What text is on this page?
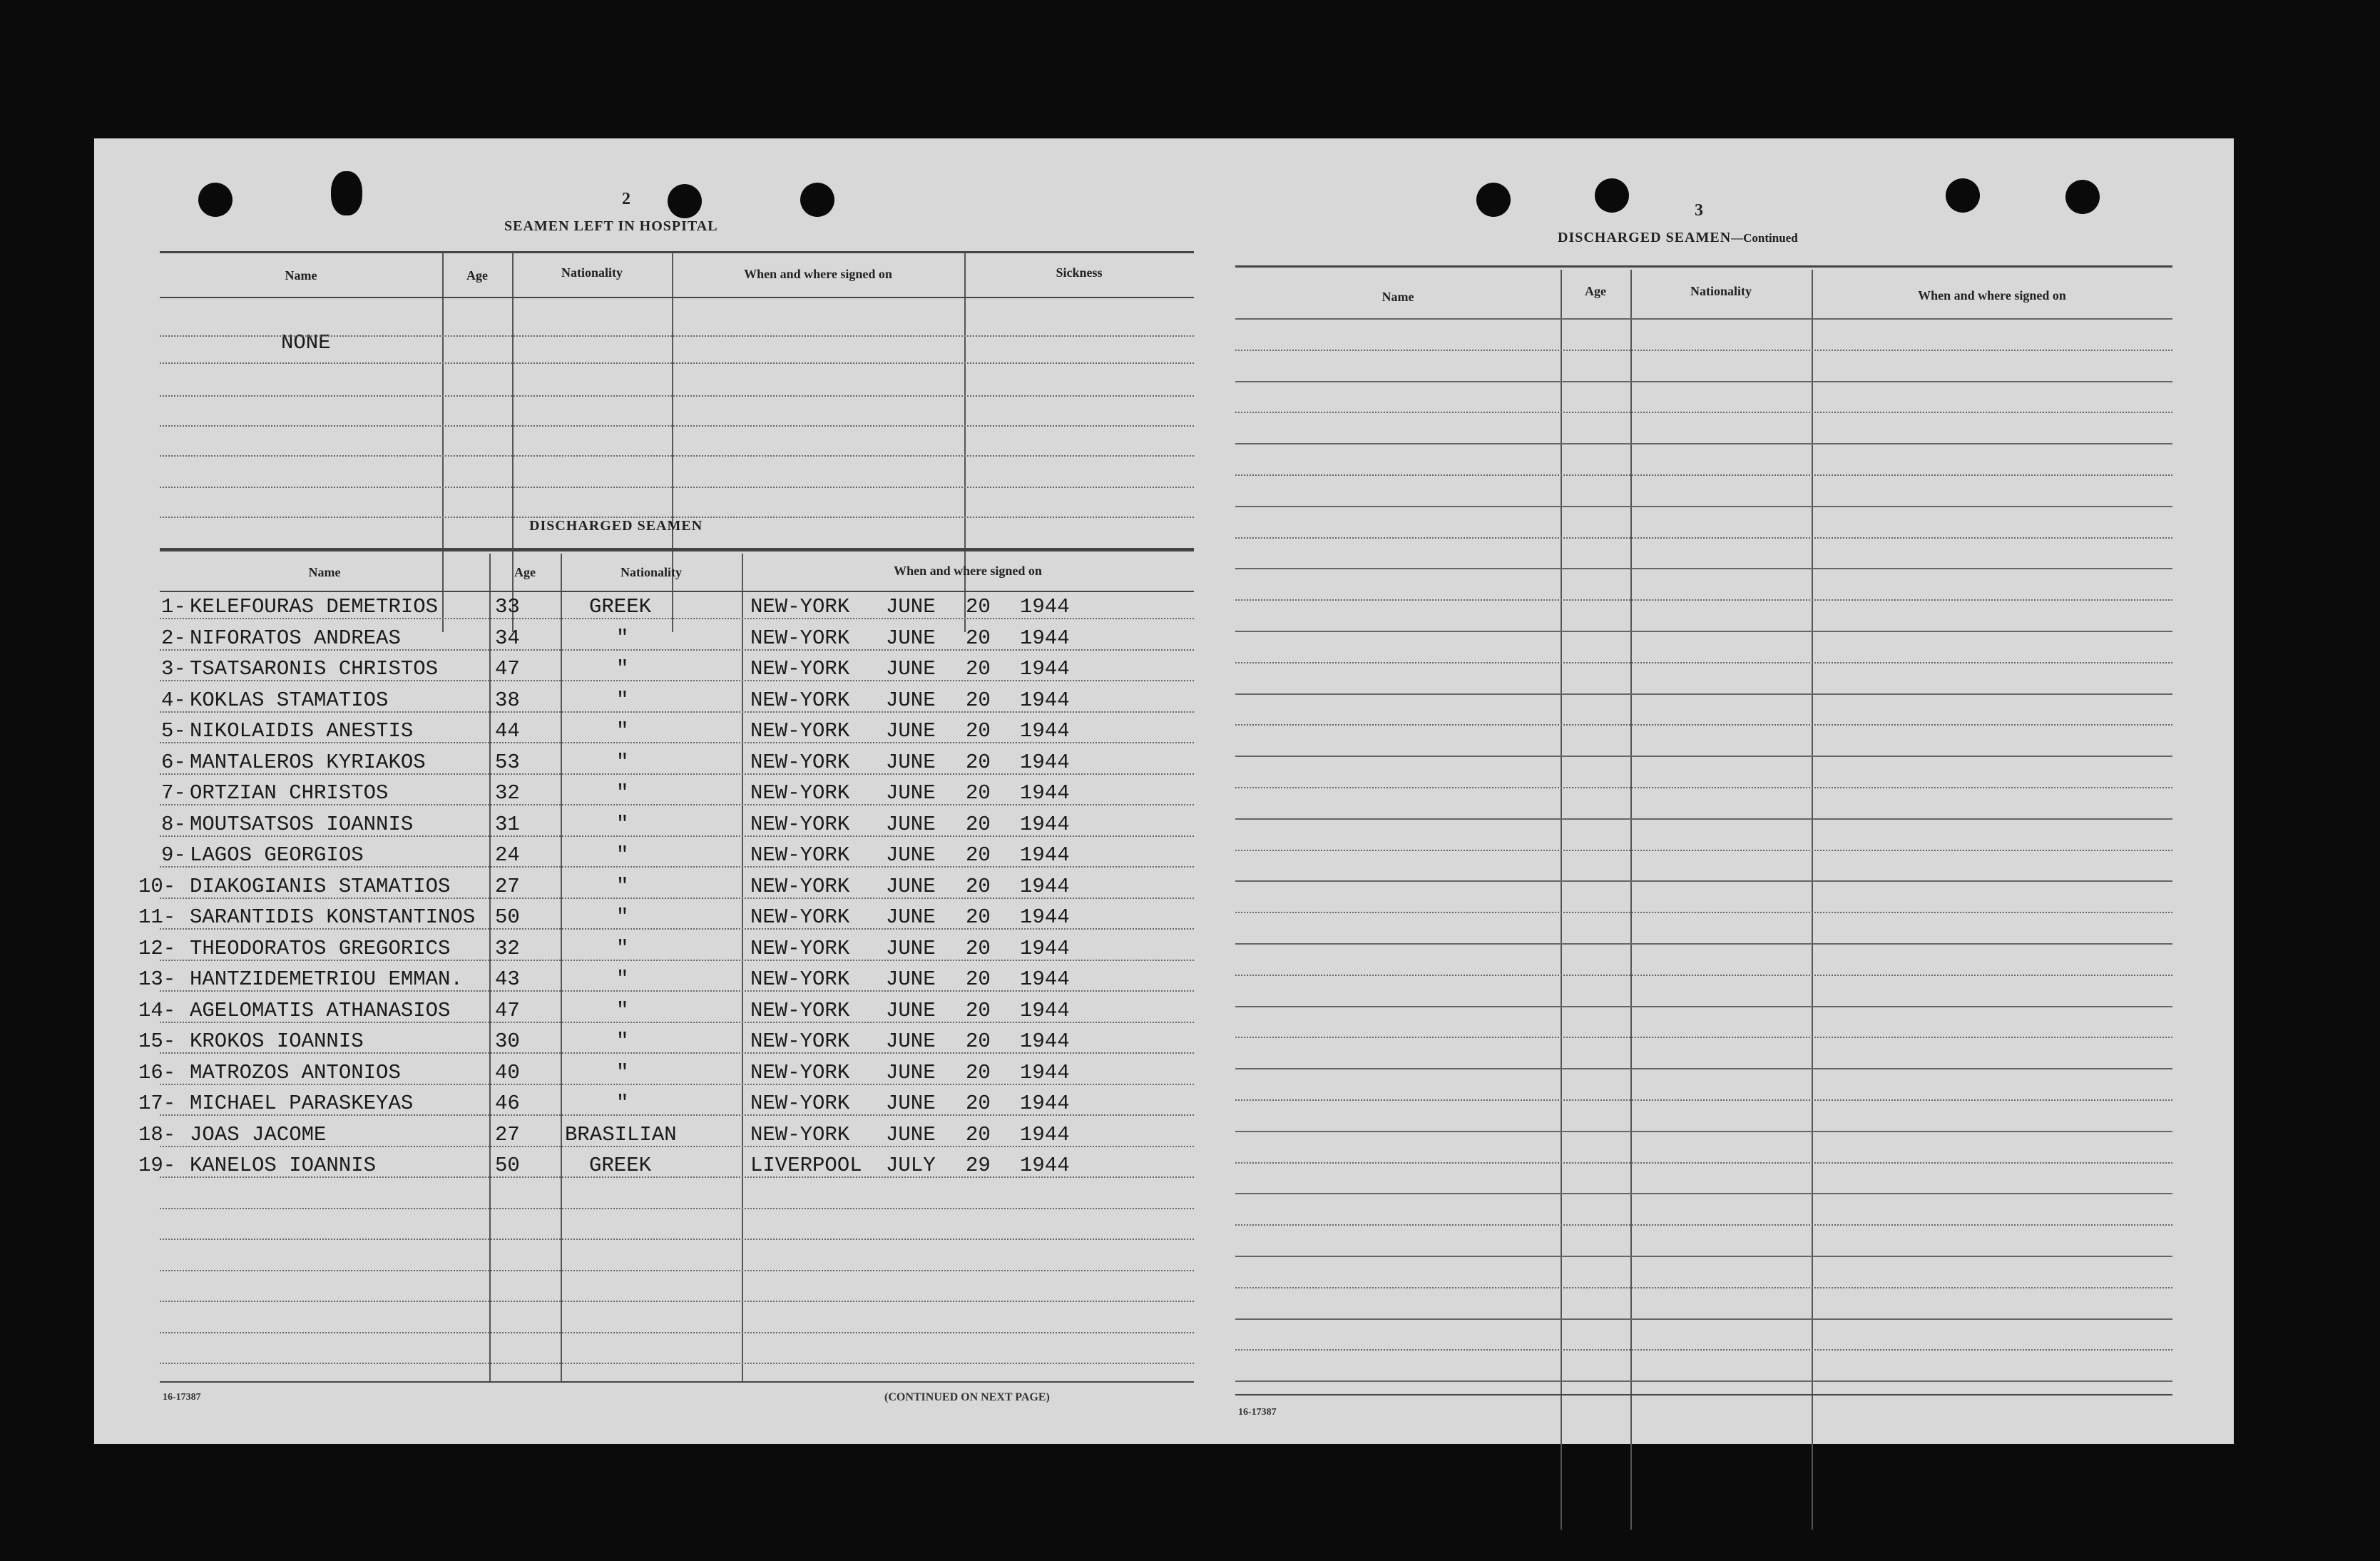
2
SEAMEN LEFT IN HOSPITAL
Name	Age	Nationality	When and where signed on	Sickness
NONE
DISCHARGED SEAMEN
Name	Age	Nationality	When and where signed on
1- KELEFOURAS DEMETRIOS	33	GREEK	NEW-YORK JUNE 20 1944
2- NIFORATOS ANDREAS	34	"	NEW-YORK JUNE 20 1944
3- TSATSARONIS CHRISTOS	47	"	NEW-YORK JUNE 20 1944
4- KOKLAS STAMATIOS	38	"	NEW-YORK JUNE 20 1944
5- NIKOLAIDIS ANESTIS	44	"	NEW-YORK JUNE 20 1944
6- MANTALEROS KYRIAKOS	53	"	NEW-YORK JUNE 20 1944
7- ORTZIAN CHRISTOS	32	"	NEW-YORK JUNE 20 1944
8- MOUTSATSOS IOANNIS	31	"	NEW-YORK JUNE 20 1944
9- LAGOS GEORGIOS	24	"	NEW-YORK JUNE 20 1944
10- DIAKOGIANIS STAMATIOS 27	"	NEW-YORK JUNE 20 1944
11- SARANTIDIS KONSTANTINOS 50	"	NEW-YORK JUNE 20 1944
12- THEODORATOS GREGORICS 32	"	NEW-YORK JUNE 20 1944
13- HANTZIDEMETRIOU EMMAN. 43	"	NEW-YORK JUNE 20 1944
14- AGELOMATIS ATHANASIOS 47	"	NEW-YORK JUNE 20 1944
15- KROKOS IOANNIS	30	"	NEW-YORK JUNE 20 1944
16- MATROZOS ANTONIOS	40	"	NEW-YORK JUNE 20 1944
17- MICHAEL PARASKEYAS	46	"	NEW-YORK JUNE 20 1944
18- JOAS JACOME	27 BRASILIAN	NEW-YORK JUNE 20 1944
19- KANELOS IOANNIS	50	GREEK	LIVERPOOL JULY 29 1944
16-17387	(CONTINUED ON NEXT PAGE)
3
DISCHARGED SEAMEN—Continued
Name	Age	Nationality	When and where signed on
16-17387
